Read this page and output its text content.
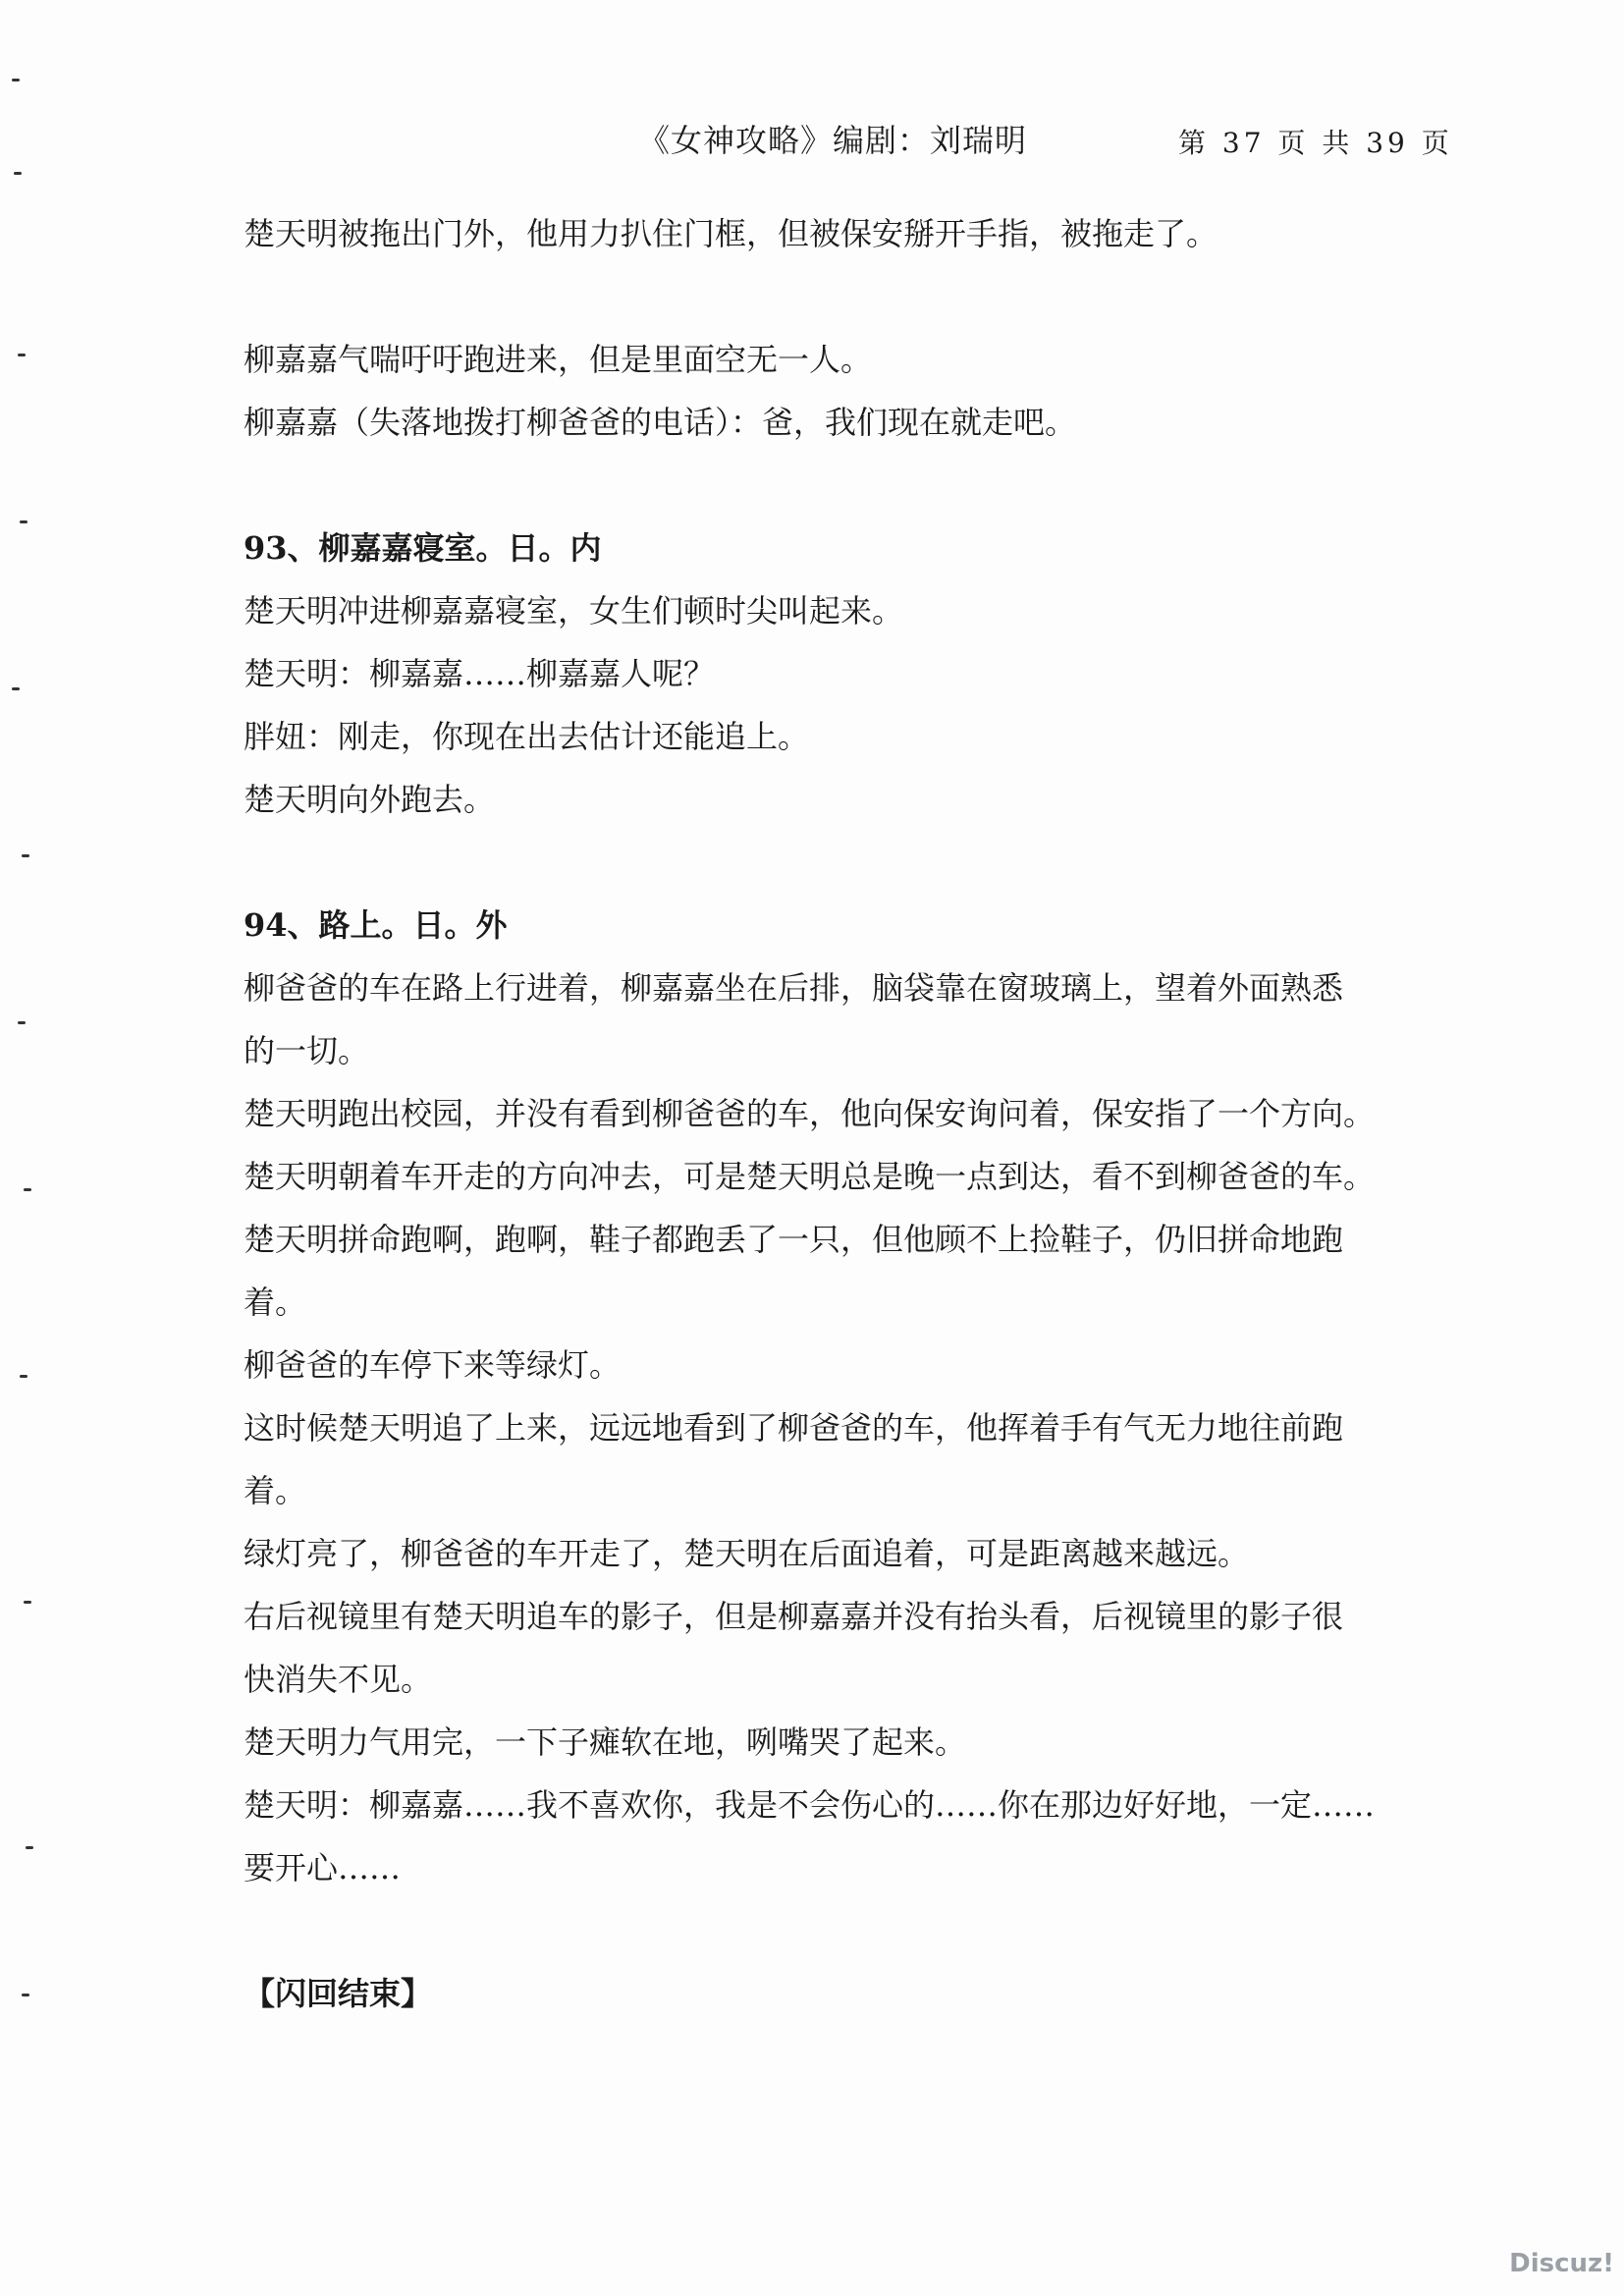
《女神攻略》编剧：刘瑞明	第 37 页 共 39 页
楚天明被拖出门外，他用力扒住门框，但被保安掰开手指，被拖走了。
柳嘉嘉气喘吁吁跑进来，但是里面空无一人。
柳嘉嘉（失落地拨打柳爸爸的电话）：爸，我们现在就走吧。
93、柳嘉嘉寝室。日。内
楚天明冲进柳嘉嘉寝室，女生们顿时尖叫起来。
楚天明：柳嘉嘉……柳嘉嘉人呢？
胖妞：刚走，你现在出去估计还能追上。
楚天明向外跑去。
94、路上。日。外
柳爸爸的车在路上行进着，柳嘉嘉坐在后排，脑袋靠在窗玻璃上，望着外面熟悉
的一切。
楚天明跑出校园，并没有看到柳爸爸的车，他向保安询问着，保安指了一个方向。
楚天明朝着车开走的方向冲去，可是楚天明总是晚一点到达，看不到柳爸爸的车。
楚天明拼命跑啊，跑啊，鞋子都跑丢了一只，但他顾不上捡鞋子，仍旧拼命地跑
着。
柳爸爸的车停下来等绿灯。
这时候楚天明追了上来，远远地看到了柳爸爸的车，他挥着手有气无力地往前跑
着。
绿灯亮了，柳爸爸的车开走了，楚天明在后面追着，可是距离越来越远。
右后视镜里有楚天明追车的影子，但是柳嘉嘉并没有抬头看，后视镜里的影子很
快消失不见。
楚天明力气用完，一下子瘫软在地，咧嘴哭了起来。
楚天明：柳嘉嘉……我不喜欢你，我是不会伤心的……你在那边好好地，一定……
要开心……
【闪回结束】
Discuz!
